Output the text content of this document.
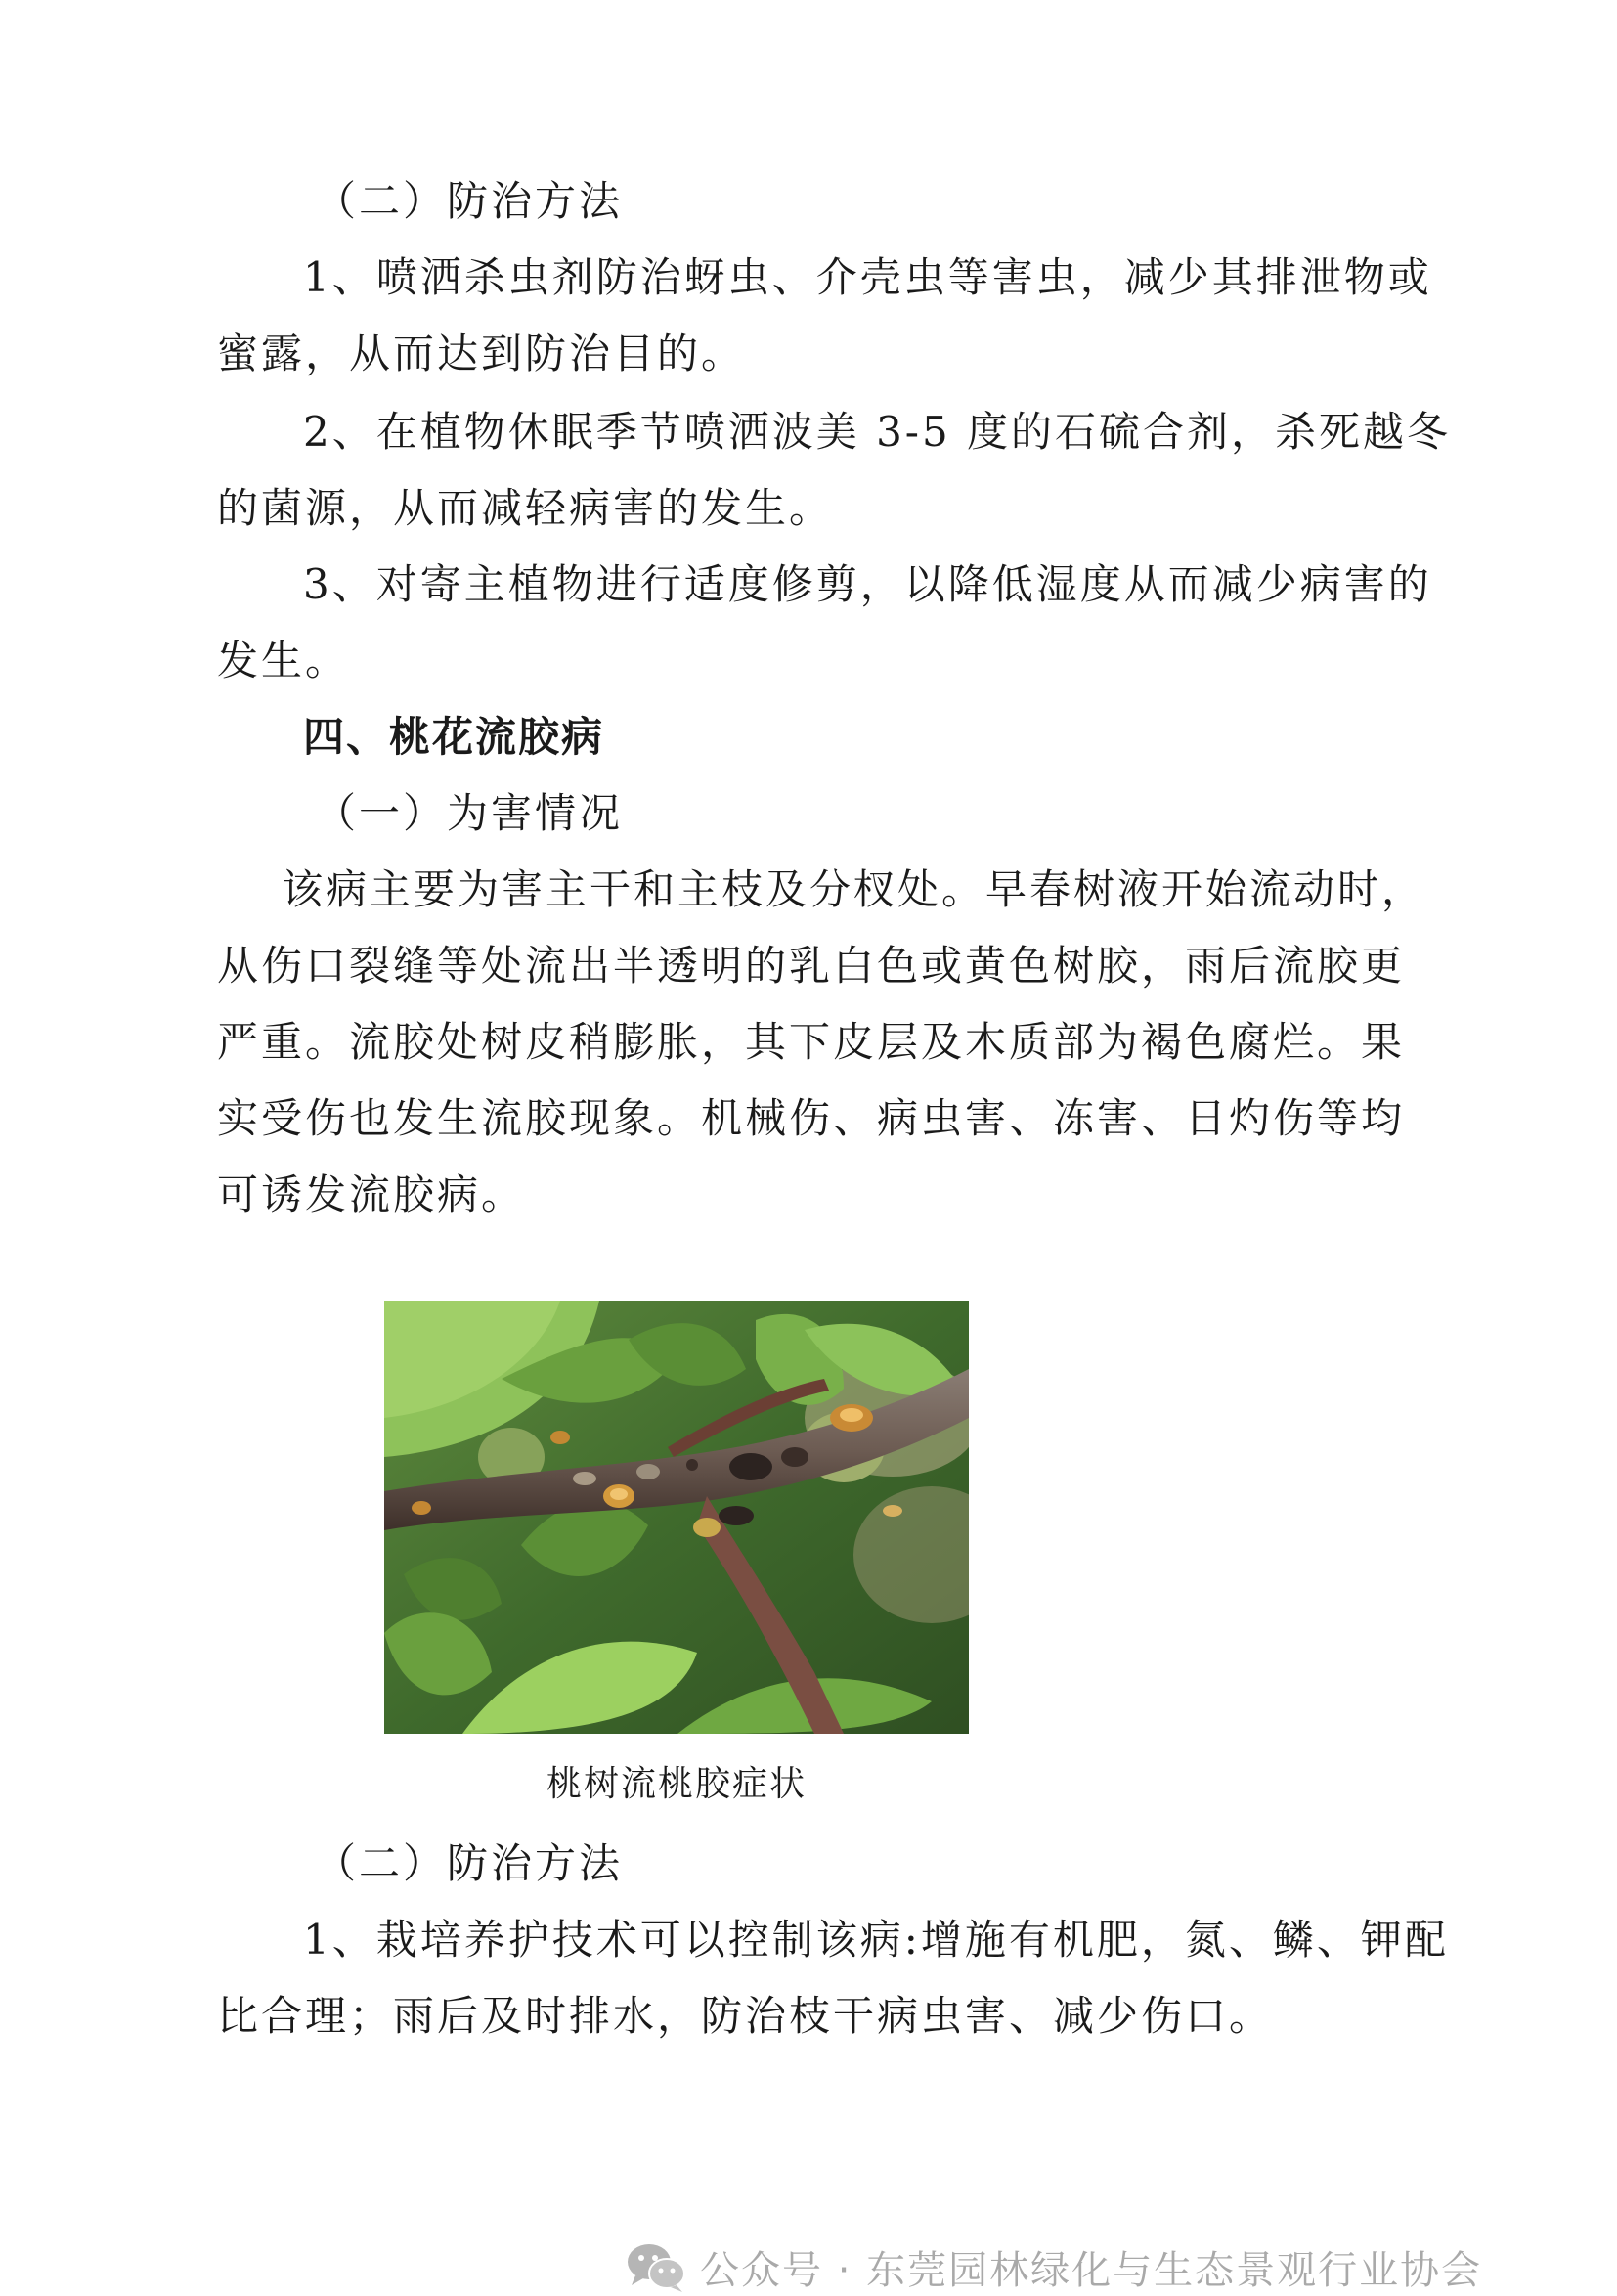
（二）防治方法
1、喷洒杀虫剂防治蚜虫、介壳虫等害虫，减少其排泄物或
蜜露，从而达到防治目的。
2、在植物休眠季节喷洒波美 3-5 度的石硫合剂，杀死越冬
的菌源，从而减轻病害的发生。
3、对寄主植物进行适度修剪，以降低湿度从而减少病害的
发生。
四、桃花流胶病
（一）为害情况
该病主要为害主干和主枝及分杈处。早春树液开始流动时，
从伤口裂缝等处流出半透明的乳白色或黄色树胶，雨后流胶更
严重。流胶处树皮稍膨胀，其下皮层及木质部为褐色腐烂。果
实受伤也发生流胶现象。机械伤、病虫害、冻害、日灼伤等均
可诱发流胶病。
桃树流桃胶症状
（二）防治方法
1、栽培养护技术可以控制该病:增施有机肥，氮、鳞、钾配
比合理；雨后及时排水，防治枝干病虫害、减少伤口。
公众号 · 东莞园林绿化与生态景观行业协会
